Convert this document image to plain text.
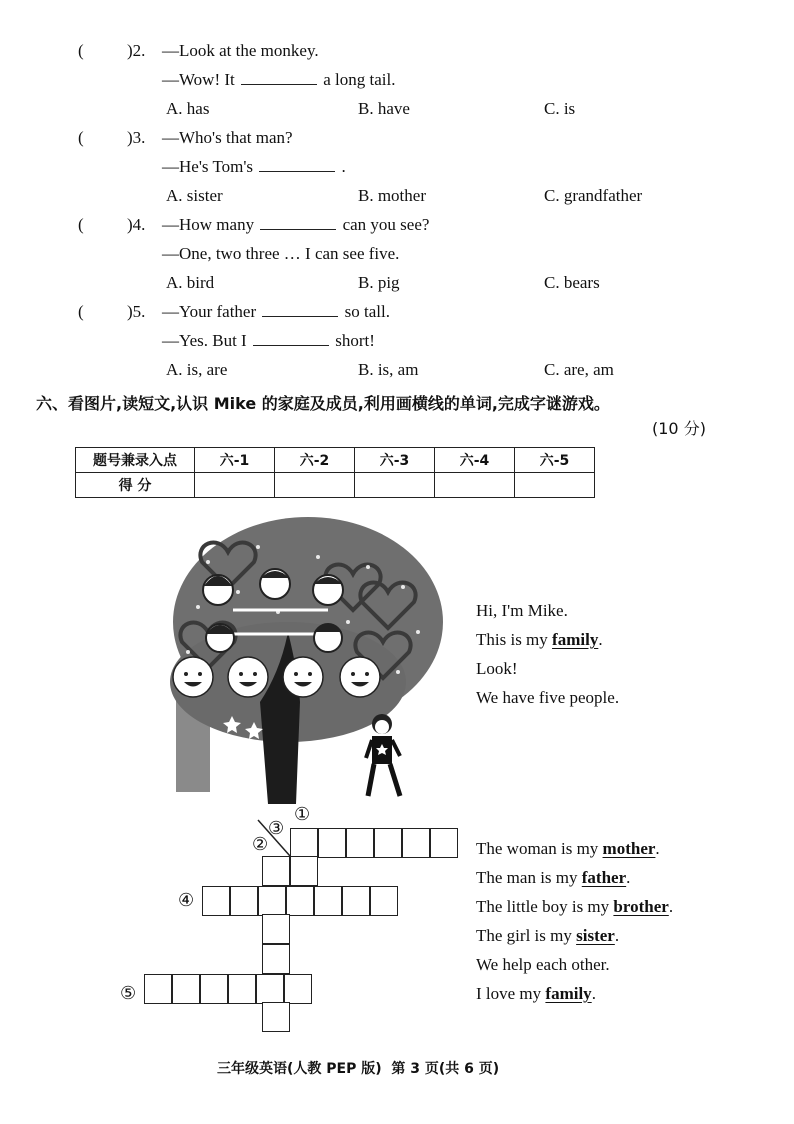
(	)2. —Look at the monkey.
—Wow! It	a long tail.
A. has	B. have	C. is
(	)3. —Who's that man?
—He's Tom's	.
A. sister	B. mother	C. grandfather
(	)4. —How many	can you see?
—One, two three … I can see five.
A. bird	B. pig	C. bears
(	)5. —Your father	so tall.
—Yes. But I	short!
A. is, are	B. is, am	C. are, am
六、看图片,读短文,认识 Mike 的家庭及成员,利用画横线的单词,完成字谜游戏。
(10 分)
题号兼录入点	六-1	六-2	六-3	六-4	六-5
得 分					
Hi, I'm Mike.
This is my family.
Look!
We have five people.
①
③
②
④
⑤
The woman is my mother.
The man is my father.
The little boy is my brother.
The girl is my sister.
We help each other.
I love my family.
三年级英语(人教 PEP 版)  第 3 页(共 6 页)
